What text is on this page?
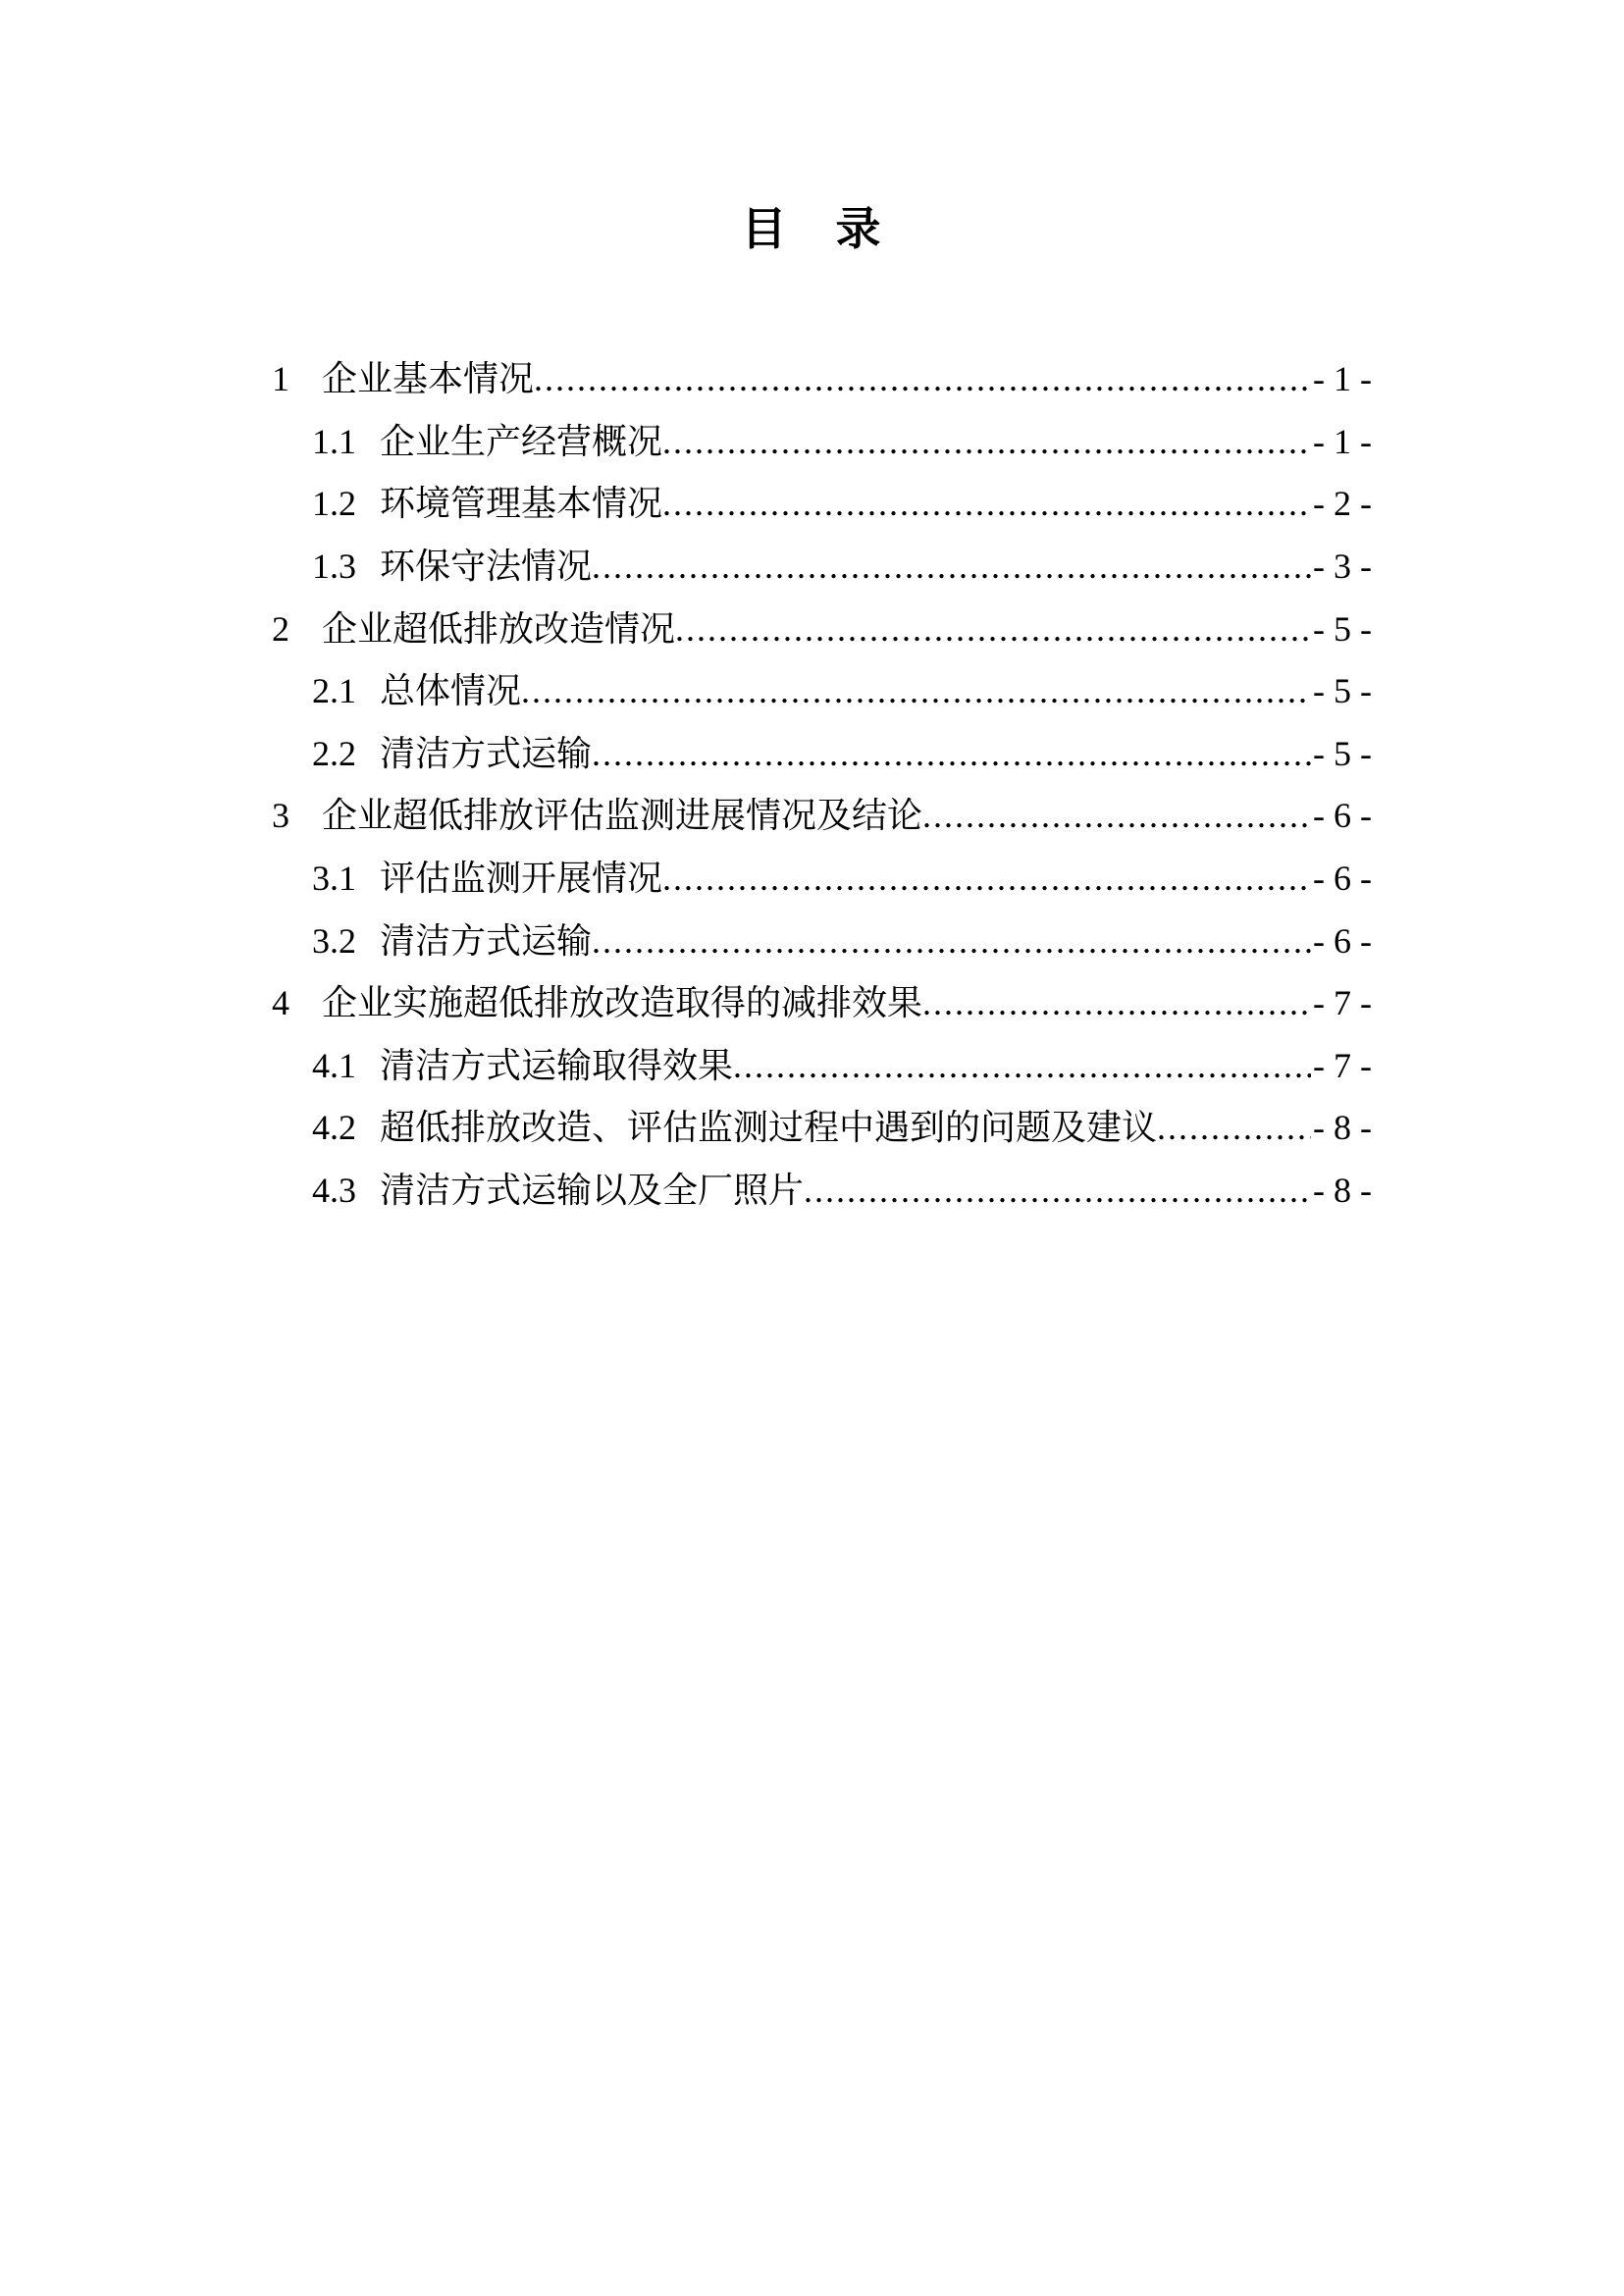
目　录
1 企业基本情况 .....	- 1 -
1.1 企业生产经营概况 .....	- 1 -
1.2 环境管理基本情况 .....	- 2 -
1.3 环保守法情况 .....	- 3 -
2 企业超低排放改造情况 .....	- 5 -
2.1 总体情况 .....	- 5 -
2.2 清洁方式运输 .....	- 5 -
3 企业超低排放评估监测进展情况及结论 .....	- 6 -
3.1 评估监测开展情况 .....	- 6 -
3.2 清洁方式运输 .....	- 6 -
4 企业实施超低排放改造取得的减排效果 .....	- 7 -
4.1 清洁方式运输取得效果 .....	- 7 -
4.2 超低排放改造、评估监测过程中遇到的问题及建议 .....	- 8 -
4.3 清洁方式运输以及全厂照片 .....	- 8 -
